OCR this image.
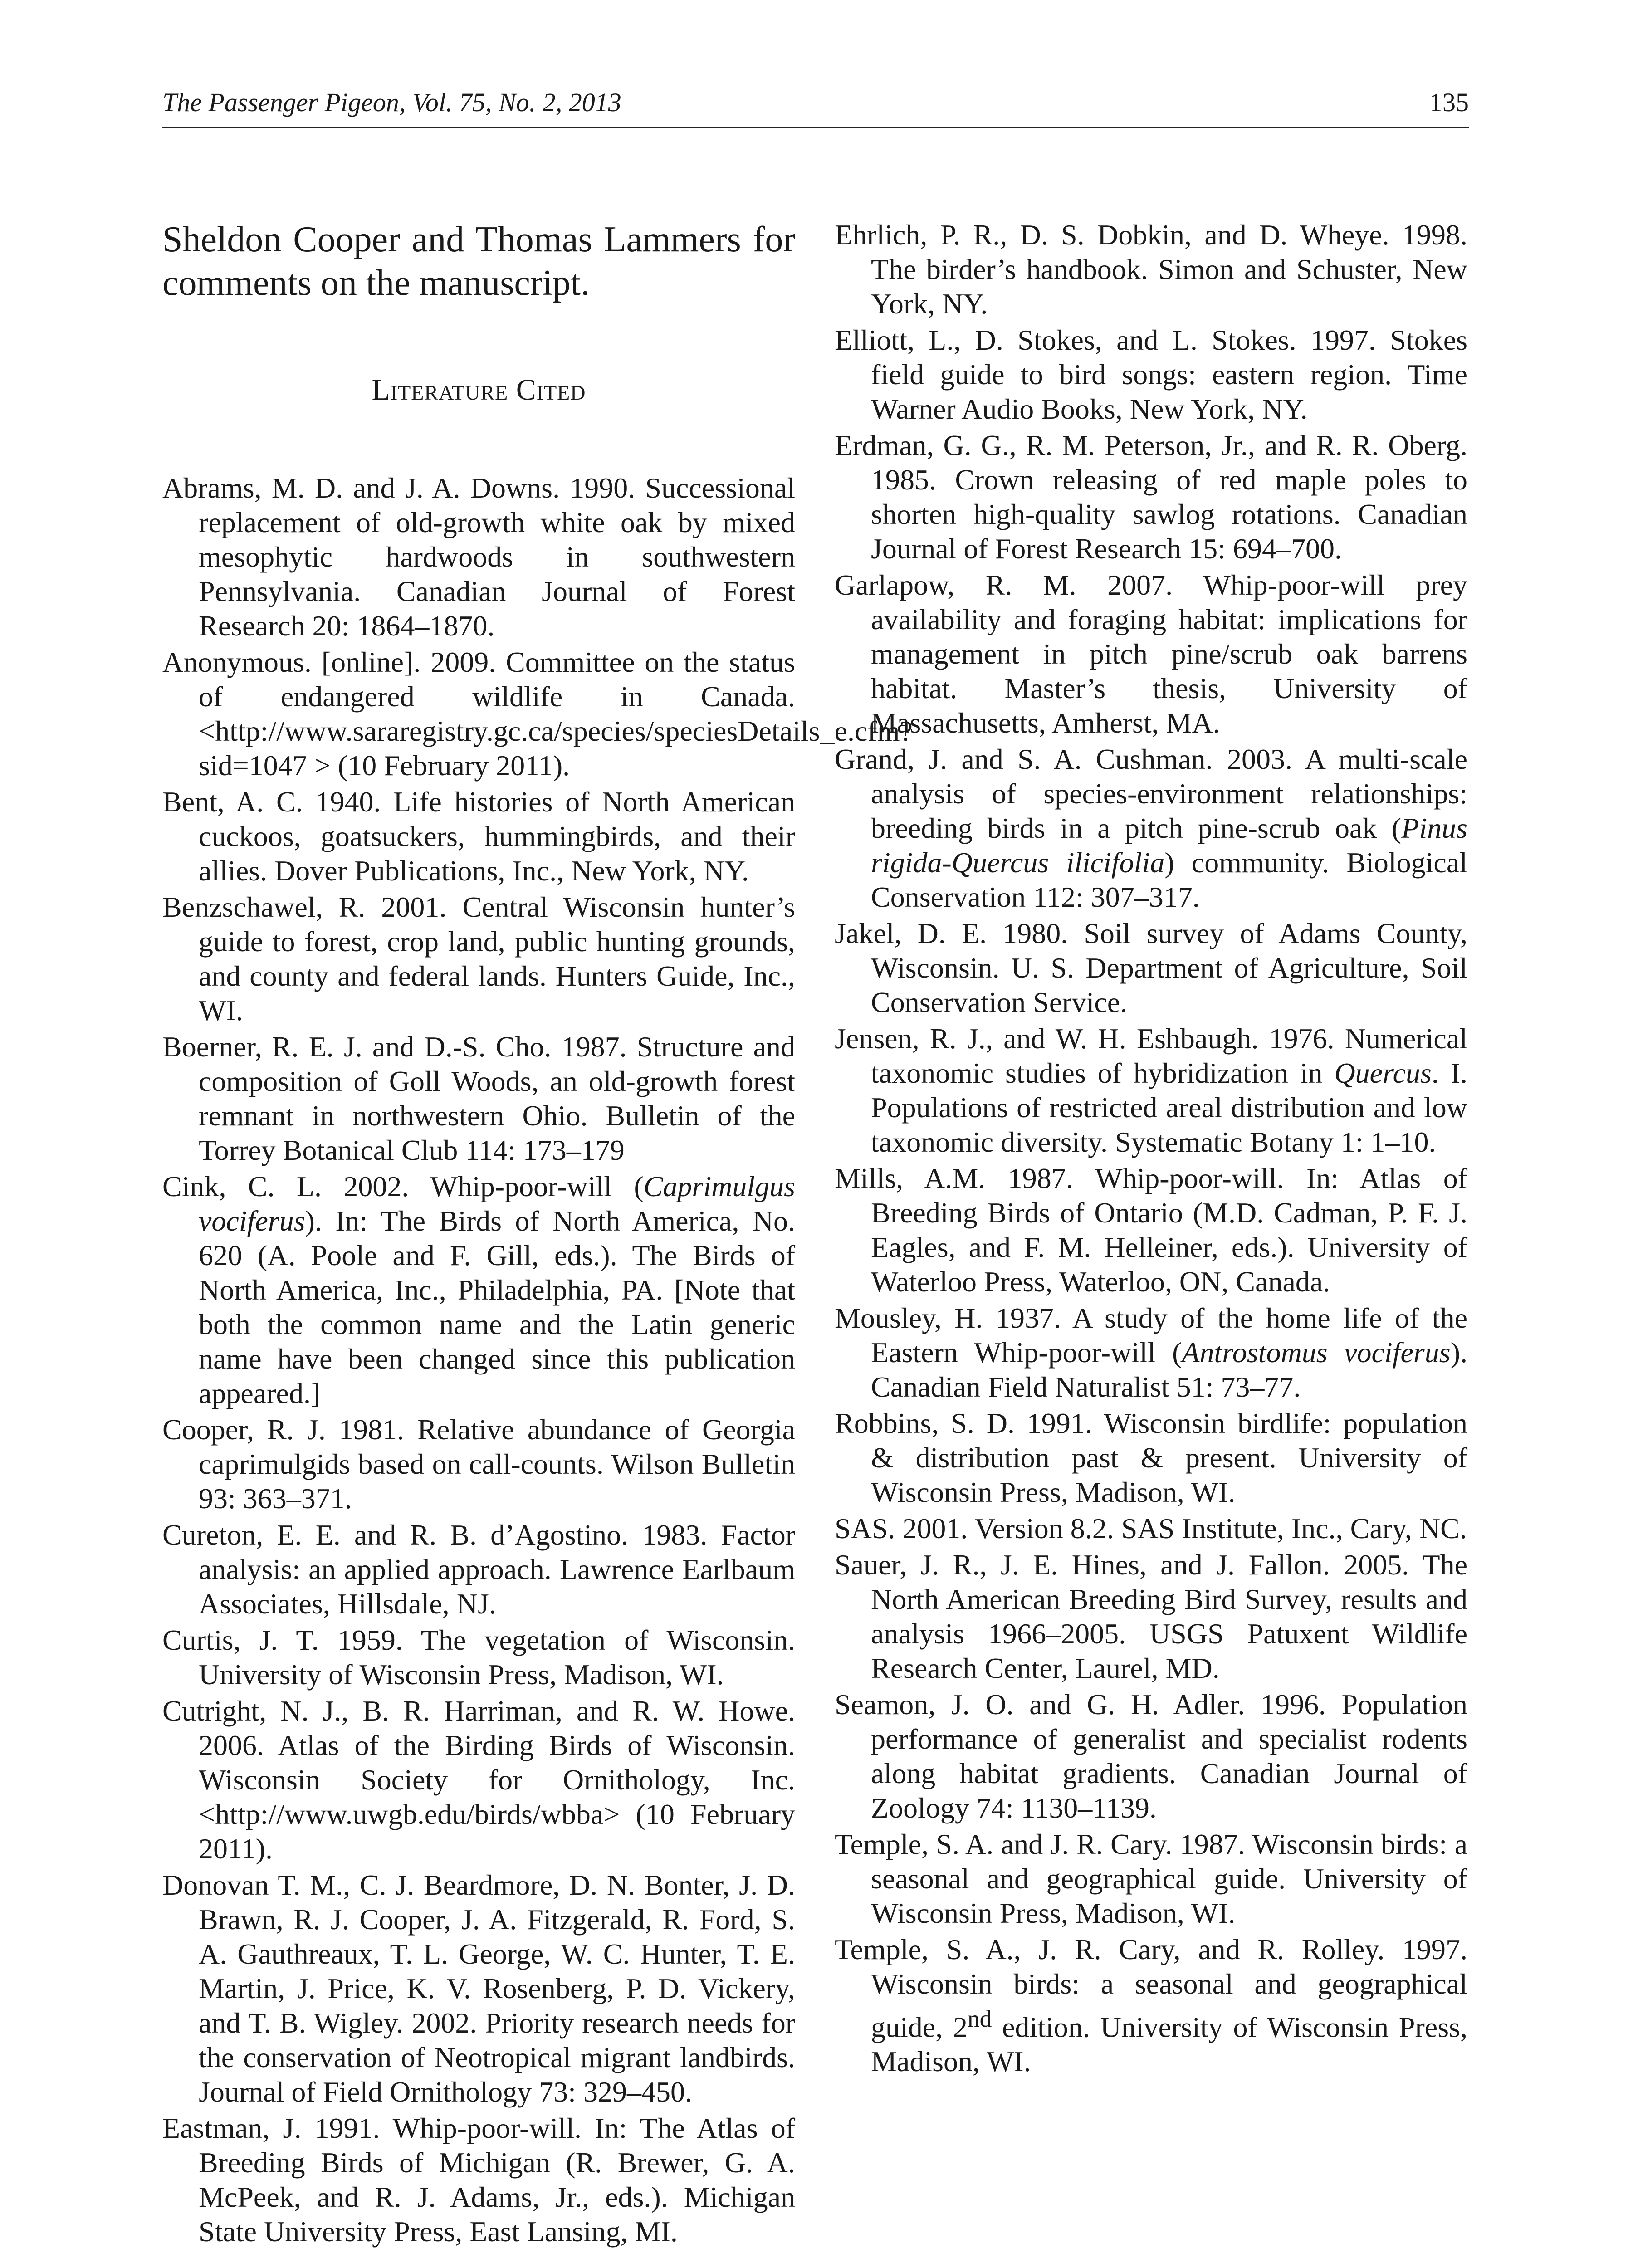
The Passenger Pigeon, Vol. 75, No. 2, 2013	135

Sheldon Cooper and Thomas Lammers for comments on the manuscript.

Literature Cited
Abrams, M. D. and J. A. Downs. 1990. Successional replacement of old-growth white oak by mixed mesophytic hardwoods in southwestern Pennsylvania. Canadian Journal of Forest Research 20: 1864–1870.
Anonymous. [online]. 2009. Committee on the status of endangered wildlife in Canada. <http://www.sararegistry.gc.ca/species/speciesDetails_e.cfm?sid=1047 > (10 February 2011).
Bent, A. C. 1940. Life histories of North American cuckoos, goatsuckers, hummingbirds, and their allies. Dover Publications, Inc., New York, NY.
Benzschawel, R. 2001. Central Wisconsin hunter’s guide to forest, crop land, public hunting grounds, and county and federal lands. Hunters Guide, Inc., WI.
Boerner, R. E. J. and D.-S. Cho. 1987. Structure and composition of Goll Woods, an old-growth forest remnant in northwestern Ohio. Bulletin of the Torrey Botanical Club 114: 173–179
Cink, C. L. 2002. Whip-poor-will (Caprimulgus vociferus). In: The Birds of North America, No. 620 (A. Poole and F. Gill, eds.). The Birds of North America, Inc., Philadelphia, PA. [Note that both the common name and the Latin generic name have been changed since this publication appeared.]
Cooper, R. J. 1981. Relative abundance of Georgia caprimulgids based on call-counts. Wilson Bulletin 93: 363–371.
Cureton, E. E. and R. B. d’Agostino. 1983. Factor analysis: an applied approach. Lawrence Earlbaum Associates, Hillsdale, NJ.
Curtis, J. T. 1959. The vegetation of Wisconsin. University of Wisconsin Press, Madison, WI.
Cutright, N. J., B. R. Harriman, and R. W. Howe. 2006. Atlas of the Birding Birds of Wisconsin. Wisconsin Society for Ornithology, Inc. <http://www.uwgb.edu/birds/wbba> (10 February 2011).
Donovan T. M., C. J. Beardmore, D. N. Bonter, J. D. Brawn, R. J. Cooper, J. A. Fitzgerald, R. Ford, S. A. Gauthreaux, T. L. George, W. C. Hunter, T. E. Martin, J. Price, K. V. Rosenberg, P. D. Vickery, and T. B. Wigley. 2002. Priority research needs for the conservation of Neotropical migrant landbirds. Journal of Field Ornithology 73: 329–450.
Eastman, J. 1991. Whip-poor-will. In: The Atlas of Breeding Birds of Michigan (R. Brewer, G. A. McPeek, and R. J. Adams, Jr., eds.). Michigan State University Press, East Lansing, MI.
Ehrlich, P. R., D. S. Dobkin, and D. Wheye. 1998. The birder’s handbook. Simon and Schuster, New York, NY.
Elliott, L., D. Stokes, and L. Stokes. 1997. Stokes field guide to bird songs: eastern region. Time Warner Audio Books, New York, NY.
Erdman, G. G., R. M. Peterson, Jr., and R. R. Oberg. 1985. Crown releasing of red maple poles to shorten high-quality sawlog rotations. Canadian Journal of Forest Research 15: 694–700.
Garlapow, R. M. 2007. Whip-poor-will prey availability and foraging habitat: implications for management in pitch pine/scrub oak barrens habitat. Master’s thesis, University of Massachusetts, Amherst, MA.
Grand, J. and S. A. Cushman. 2003. A multi-scale analysis of species-environment relationships: breeding birds in a pitch pine-scrub oak (Pinus rigida-Quercus ilicifolia) community. Biological Conservation 112: 307–317.
Jakel, D. E. 1980. Soil survey of Adams County, Wisconsin. U. S. Department of Agriculture, Soil Conservation Service.
Jensen, R. J., and W. H. Eshbaugh. 1976. Numerical taxonomic studies of hybridization in Quercus. I. Populations of restricted areal distribution and low taxonomic diversity. Systematic Botany 1: 1–10.
Mills, A.M. 1987. Whip-poor-will. In: Atlas of Breeding Birds of Ontario (M.D. Cadman, P. F. J. Eagles, and F. M. Helleiner, eds.). University of Waterloo Press, Waterloo, ON, Canada.
Mousley, H. 1937. A study of the home life of the Eastern Whip-poor-will (Antrostomus vociferus). Canadian Field Naturalist 51: 73–77.
Robbins, S. D. 1991. Wisconsin birdlife: population & distribution past & present. University of Wisconsin Press, Madison, WI.
SAS. 2001. Version 8.2. SAS Institute, Inc., Cary, NC.
Sauer, J. R., J. E. Hines, and J. Fallon. 2005. The North American Breeding Bird Survey, results and analysis 1966–2005. USGS Patuxent Wildlife Research Center, Laurel, MD.
Seamon, J. O. and G. H. Adler. 1996. Population performance of generalist and specialist rodents along habitat gradients. Canadian Journal of Zoology 74: 1130–1139.
Temple, S. A. and J. R. Cary. 1987. Wisconsin birds: a seasonal and geographical guide. University of Wisconsin Press, Madison, WI.
Temple, S. A., J. R. Cary, and R. Rolley. 1997. Wisconsin birds: a seasonal and geographical guide, 2nd edition. University of Wisconsin Press, Madison, WI.
